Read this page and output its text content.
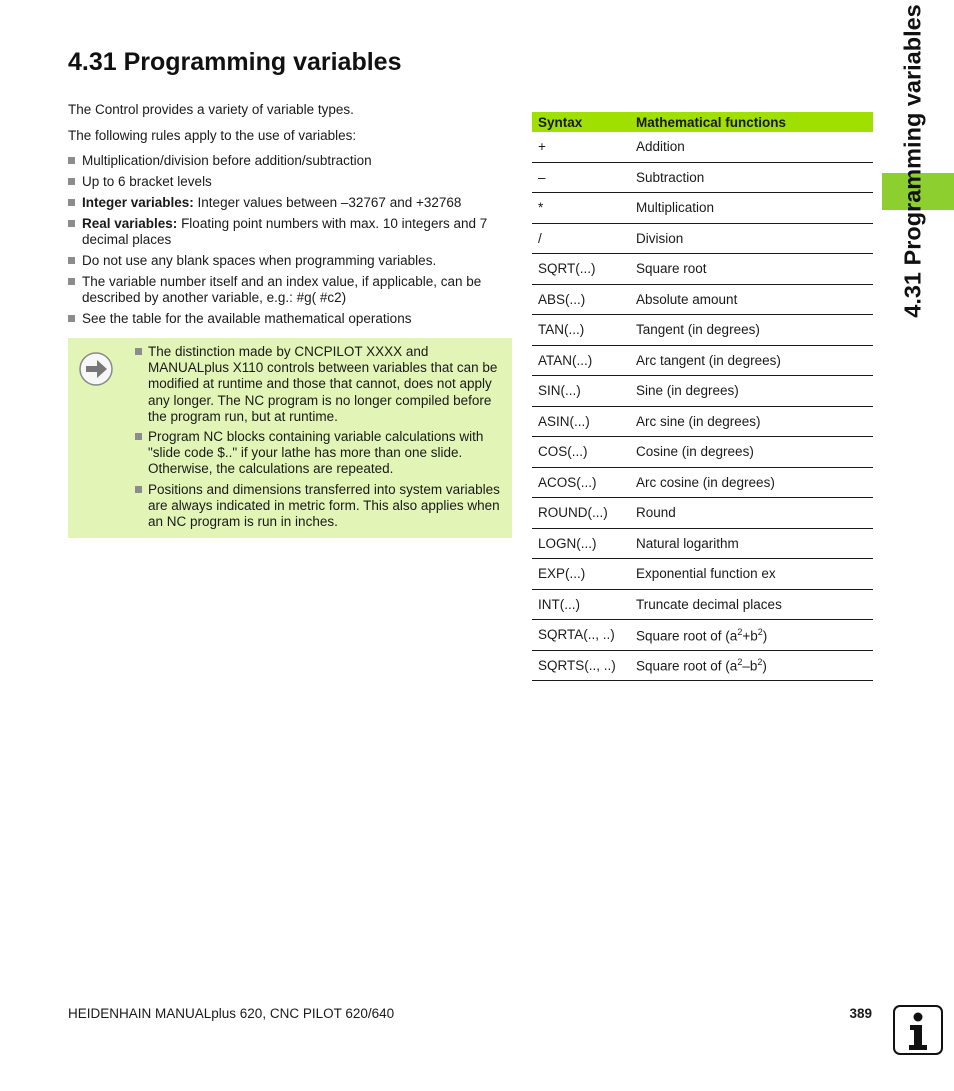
4.31 Programming variables

The Control provides a variety of variable types.

The following rules apply to the use of variables:

Multiplication/division before addition/subtraction
Up to 6 bracket levels
Integer variables: Integer values between –32767 and +32768
Real variables: Floating point numbers with max. 10 integers and 7 decimal places
Do not use any blank spaces when programming variables.
The variable number itself and an index value, if applicable, can be described by another variable, e.g.: #g( #c2)
See the table for the available mathematical operations
The distinction made by CNCPILOT XXXX and MANUALplus X110 controls between variables that can be modified at runtime and those that cannot, does not apply any longer. The NC program is no longer compiled before the program run, but at runtime.
Program NC blocks containing variable calculations with "slide code $.." if your lathe has more than one slide. Otherwise, the calculations are repeated.
Positions and dimensions transferred into system variables are always indicated in metric form. This also applies when an NC program is run in inches.
Syntax	Mathematical functions
+	Addition
–	Subtraction
*	Multiplication
/	Division
SQRT(...)	Square root
ABS(...)	Absolute amount
TAN(...)	Tangent (in degrees)
ATAN(...)	Arc tangent (in degrees)
SIN(...)	Sine (in degrees)
ASIN(...)	Arc sine (in degrees)
COS(...)	Cosine (in degrees)
ACOS(...)	Arc cosine (in degrees)
ROUND(...)	Round
LOGN(...)	Natural logarithm
EXP(...)	Exponential function ex
INT(...)	Truncate decimal places
SQRTA(.., ..)	Square root of $(a^2+b^2)$
SQRTS(.., ..)	Square root of $(a^2-b^2)$
4.31 Programming variables
HEIDENHAIN MANUALplus 620, CNC PILOT 620/640	389
